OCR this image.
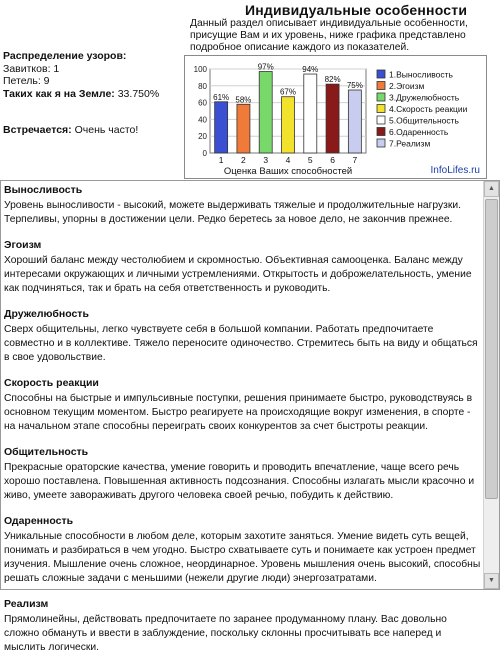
Индивидуальные особенности
Данный раздел описывает индивидуальные особенности, присущие Вам и их уровень, ниже графика представлено подробное описание каждого из показателей.
Распределение узоров:
Завитков: 1
Петель: 9
Таких как я на Земле: 33.750%
Встречается: Очень часто!
0
20
40
60
80
100
61%
1
58%
2
97%
3
67%
4
94%
5
82%
6
75%
7
Оценка Ваших способностей
1.Выносливость
2.Эгоизм
3.Дружелюбность
4.Скорость реакции
5.Общительность
6.Одаренность
7.Реализм
InfoLifes.ru
Выносливость

Уровень выносливости - высокий, можете выдерживать тяжелые и продолжительные нагрузки. Терпеливы, упорны в достижении цели. Редко беретесь за новое дело, не закончив прежнее.

Эгоизм

Хороший баланс между честолюбием и скромностью. Объективная самооценка. Баланс между интересами окружающих и личными устремлениями. Открытость и доброжелательность, умение как подчиняться, так и брать на себя ответственность и руководить.

Дружелюбность

Сверх общительны, легко чувствуете себя в большой компании. Работать предпочитаете совместно и в коллективе. Тяжело переносите одиночество. Стремитесь быть на виду и общаться в свое удовольствие.

Скорость реакции

Способны на быстрые и импульсивные поступки, решения принимаете быстро, руководствуясь в основном текущим моментом. Быстро реагируете на происходящие вокруг изменения, в спорте - на начальном этапе способны переиграть своих конкурентов за счет быстроты реакции.

Общительность

Прекрасные ораторские качества, умение говорить и проводить впечатление, чаще всего речь хорошо поставлена. Повышенная активность подсознания. Способны излагать мысли красочно и живо, умеете завораживать другого человека своей речью, побудить к действию.

Одаренность

Уникальные способности в любом деле, которым захотите заняться. Умение видеть суть вещей, понимать и разбираться в чем угодно. Быстро схватываете суть и понимаете как устроен предмет изучения. Мышление очень сложное, неординарное. Уровень мышления очень высокий, способны решать сложные задачи с меньшими (нежели другие люди) энергозатратами.

Реализм

Прямолинейны, действовать предпочитаете по заранее продуманному плану. Вас довольно сложно обмануть и ввести в заблуждение, поскольку склонны просчитывать все наперед и мыслить логически.

▲
▼
